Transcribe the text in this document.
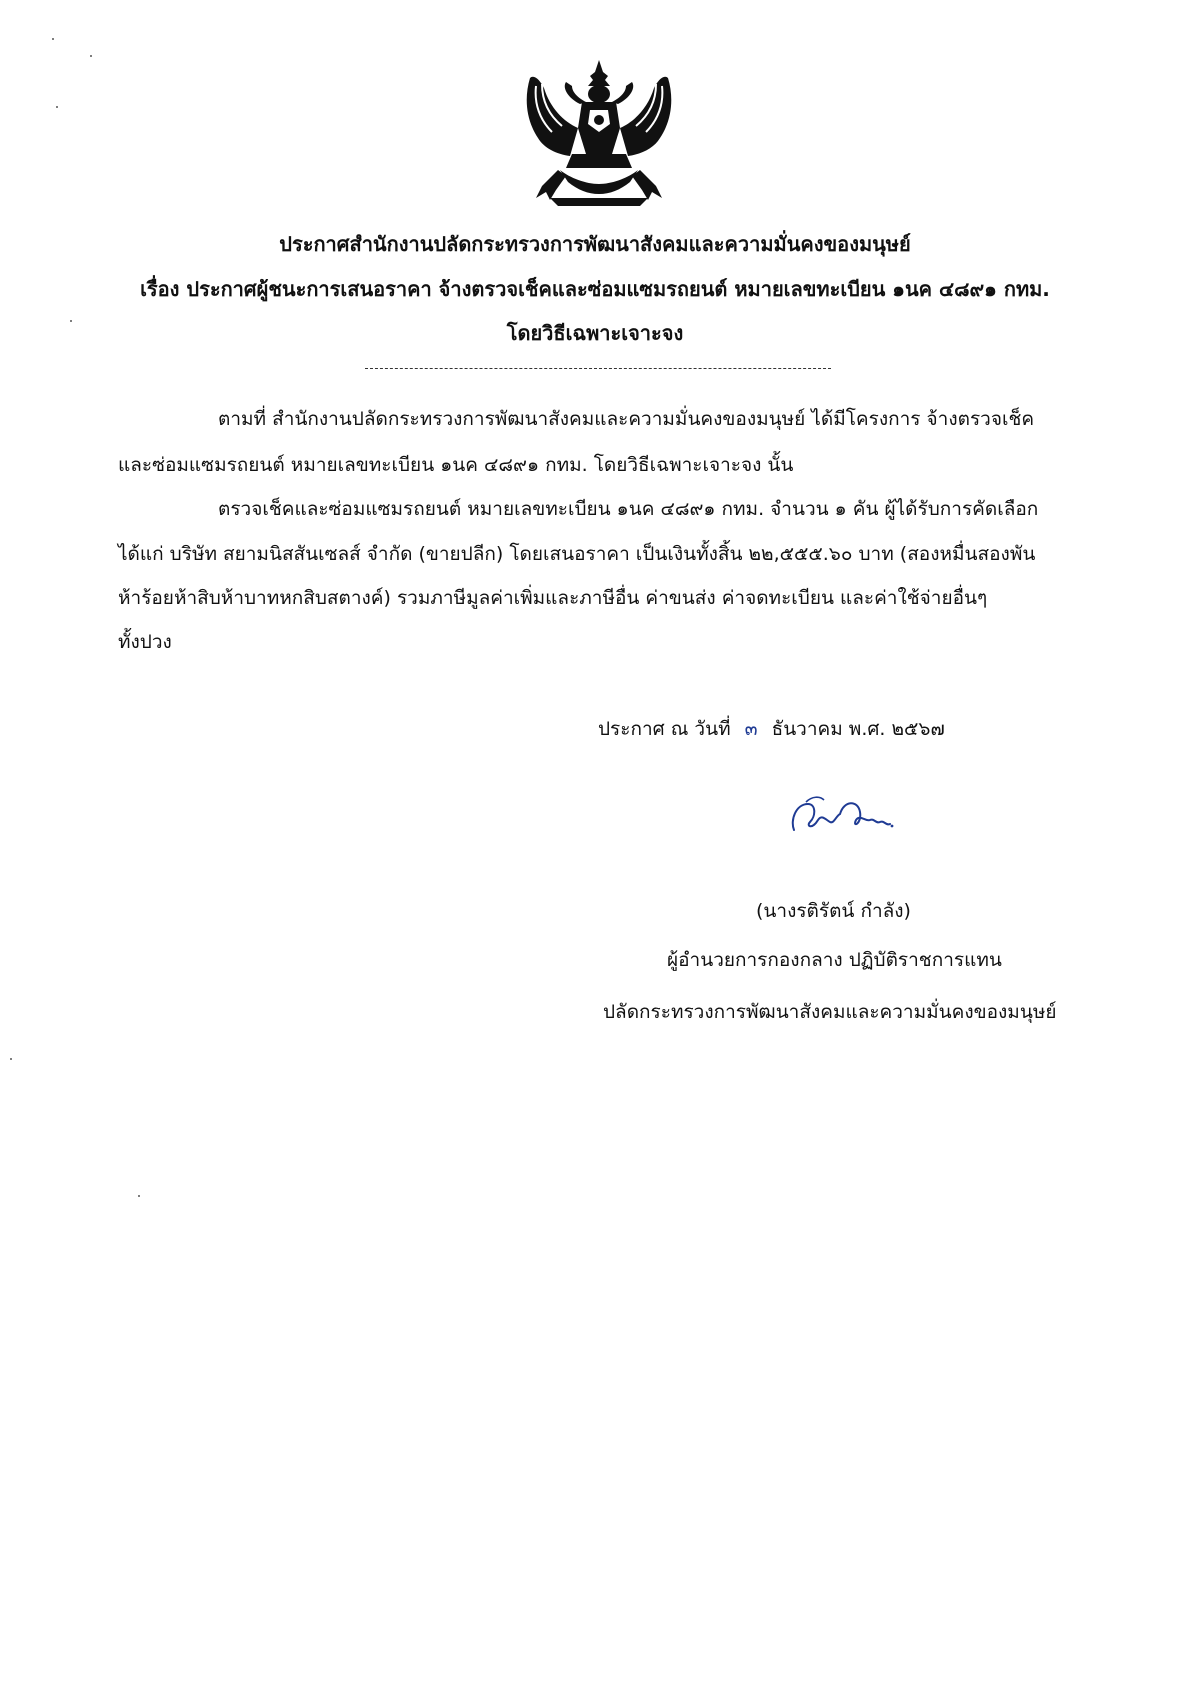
ประกาศสำนักงานปลัดกระทรวงการพัฒนาสังคมและความมั่นคงของมนุษย์
เรื่อง ประกาศผู้ชนะการเสนอราคา จ้างตรวจเช็คและซ่อมแซมรถยนต์ หมายเลขทะเบียน ๑นค ๔๘๙๑ กทม.
โดยวิธีเฉพาะเจาะจง
ตามที่ สำนักงานปลัดกระทรวงการพัฒนาสังคมและความมั่นคงของมนุษย์ ได้มีโครงการ จ้างตรวจเช็ค
และซ่อมแซมรถยนต์ หมายเลขทะเบียน ๑นค ๔๘๙๑ กทม. โดยวิธีเฉพาะเจาะจง นั้น
ตรวจเช็คและซ่อมแซมรถยนต์ หมายเลขทะเบียน ๑นค ๔๘๙๑ กทม. จำนวน ๑ คัน ผู้ได้รับการคัดเลือก
ได้แก่ บริษัท สยามนิสสันเซลส์ จำกัด (ขายปลีก) โดยเสนอราคา เป็นเงินทั้งสิ้น ๒๒,๕๕๕.๖๐ บาท (สองหมื่นสองพัน
ห้าร้อยห้าสิบห้าบาทหกสิบสตางค์) รวมภาษีมูลค่าเพิ่มและภาษีอื่น ค่าขนส่ง ค่าจดทะเบียน และค่าใช้จ่ายอื่นๆ
ทั้งปวง
ประกาศ ณ วันที่ ๓ ธันวาคม พ.ศ. ๒๕๖๗
(นางรติรัตน์ กำลัง)
ผู้อำนวยการกองกลาง ปฏิบัติราชการแทน
ปลัดกระทรวงการพัฒนาสังคมและความมั่นคงของมนุษย์
